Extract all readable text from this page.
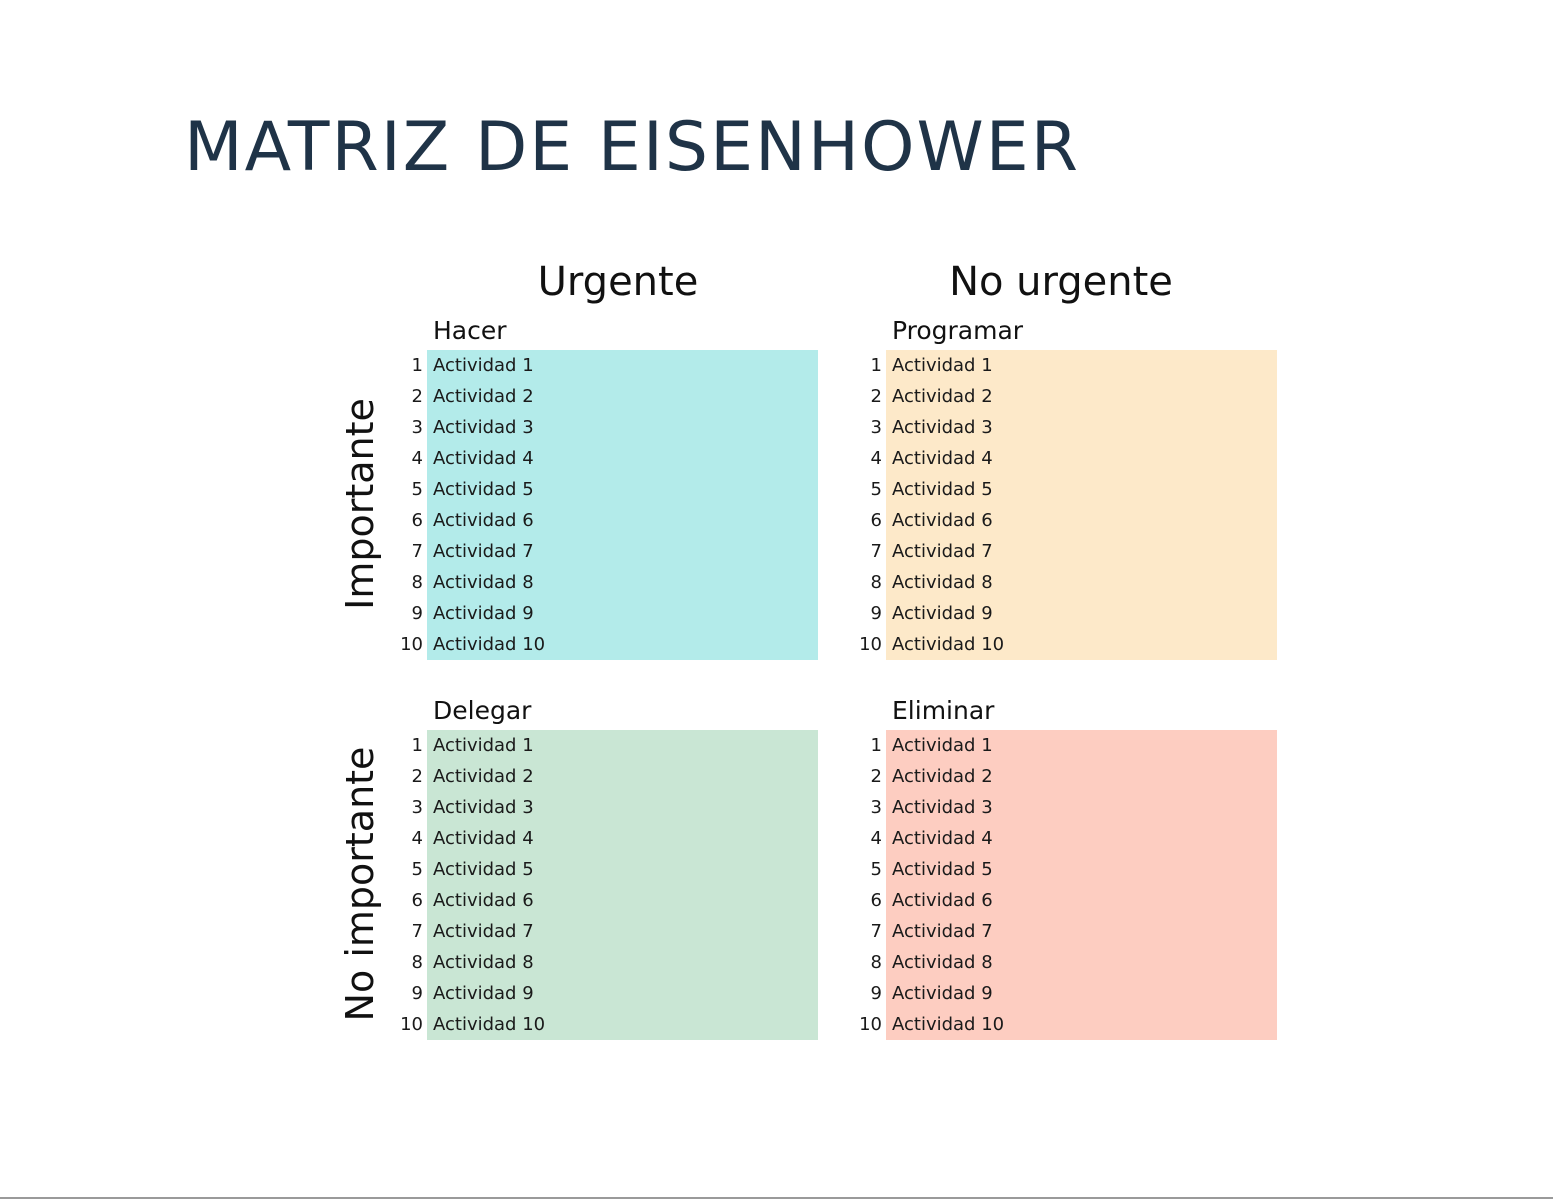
MATRIZ DE EISENHOWER
Urgente	No urgente
Importante
No importante
Hacer
1 Actividad 1
2 Actividad 2
3 Actividad 3
4 Actividad 4
5 Actividad 5
6 Actividad 6
7 Actividad 7
8 Actividad 8
9 Actividad 9
10 Actividad 10
Programar
1 Actividad 1
2 Actividad 2
3 Actividad 3
4 Actividad 4
5 Actividad 5
6 Actividad 6
7 Actividad 7
8 Actividad 8
9 Actividad 9
10 Actividad 10
Delegar
1 Actividad 1
2 Actividad 2
3 Actividad 3
4 Actividad 4
5 Actividad 5
6 Actividad 6
7 Actividad 7
8 Actividad 8
9 Actividad 9
10 Actividad 10
Eliminar
1 Actividad 1
2 Actividad 2
3 Actividad 3
4 Actividad 4
5 Actividad 5
6 Actividad 6
7 Actividad 7
8 Actividad 8
9 Actividad 9
10 Actividad 10
